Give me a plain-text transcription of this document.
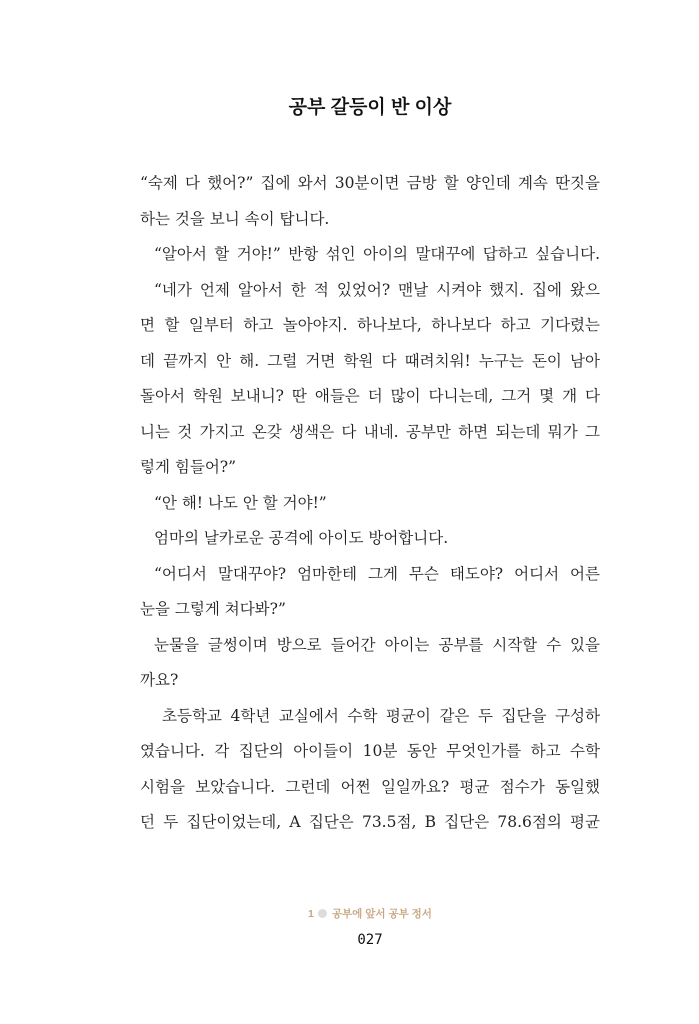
공부 갈등이 반 이상
“숙제 다 했어?” 집에 와서 30분이면 금방 할 양인데 계속 딴짓을
하는 것을 보니 속이 탑니다.
“알아서 할 거야!” 반항 섞인 아이의 말대꾸에 답하고 싶습니다.
“네가 언제 알아서 한 적 있었어? 맨날 시켜야 했지. 집에 왔으
면 할 일부터 하고 놀아야지. 하나보다, 하나보다 하고 기다렸는
데 끝까지 안 해. 그럴 거면 학원 다 때려치워! 누구는 돈이 남아
돌아서 학원 보내니? 딴 애들은 더 많이 다니는데, 그거 몇 개 다
니는 것 가지고 온갖 생색은 다 내네. 공부만 하면 되는데 뭐가 그
렇게 힘들어?”
“안 해! 나도 안 할 거야!”
엄마의 날카로운 공격에 아이도 방어합니다.
“어디서 말대꾸야? 엄마한테 그게 무슨 태도야? 어디서 어른
눈을 그렇게 쳐다봐?”
눈물을 글썽이며 방으로 들어간 아이는 공부를 시작할 수 있을
까요?
초등학교 4학년 교실에서 수학 평균이 같은 두 집단을 구성하
였습니다. 각 집단의 아이들이 10분 동안 무엇인가를 하고 수학
시험을 보았습니다. 그런데 어쩐 일일까요? 평균 점수가 동일했
던 두 집단이었는데, A 집단은 73.5점, B 집단은 78.6점의 평균
1 공부에 앞서 공부 정서
027
